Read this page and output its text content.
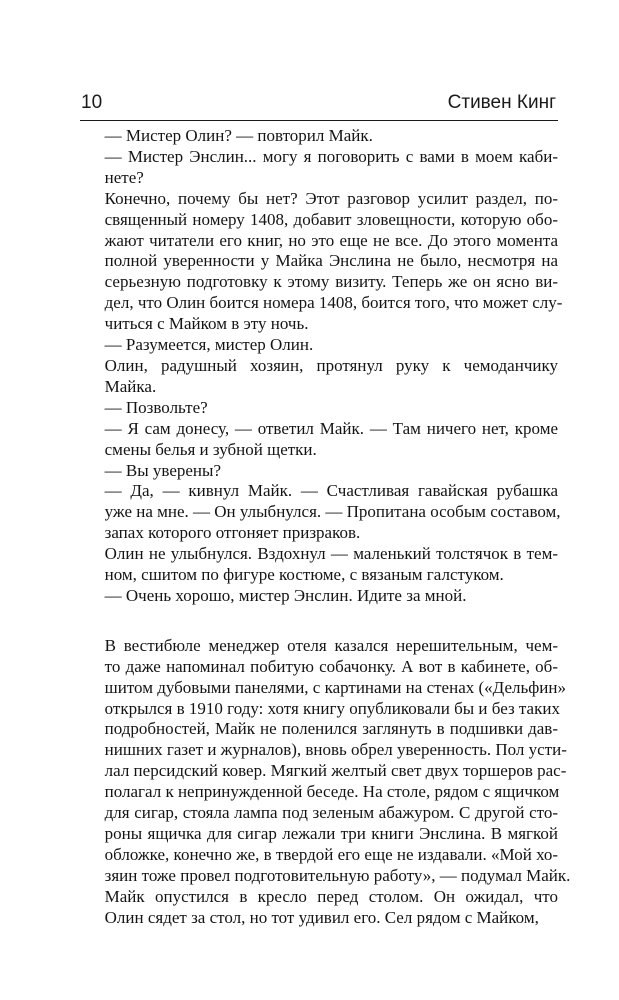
10	Стивен Кинг

— Мистер Олин? — повторил Майк.

— Мистер Энслин... могу я поговорить с вами в моем каби-
нете?

Конечно, почему бы нет? Этот разговор усилит раздел, по-
священный номеру 1408, добавит зловещности, которую обо-
жают читатели его книг, но это еще не все. До этого момента
полной уверенности у Майка Энслина не было, несмотря на
серьезную подготовку к этому визиту. Теперь же он ясно ви-
дел, что Олин боится номера 1408, боится того, что может слу-
читься с Майком в эту ночь.

— Разумеется, мистер Олин.

Олин, радушный хозяин, протянул руку к чемоданчику
Майка.

— Позвольте?

— Я сам донесу, — ответил Майк. — Там ничего нет, кроме
смены белья и зубной щетки.

— Вы уверены?

— Да, — кивнул Майк. — Счастливая гавайская рубашка
уже на мне. — Он улыбнулся. — Пропитана особым составом,
запах которого отгоняет призраков.

Олин не улыбнулся. Вздохнул — маленький толстячок в тем-
ном, сшитом по фигуре костюме, с вязаным галстуком.

— Очень хорошо, мистер Энслин. Идите за мной.

В вестибюле менеджер отеля казался нерешительным, чем-
то даже напоминал побитую собачонку. А вот в кабинете, об-
шитом дубовыми панелями, с картинами на стенах («Дельфин»
открылся в 1910 году: хотя книгу опубликовали бы и без таких
подробностей, Майк не поленился заглянуть в подшивки дав-
нишних газет и журналов), вновь обрел уверенность. Пол усти-
лал персидский ковер. Мягкий желтый свет двух торшеров рас-
полагал к непринужденной беседе. На столе, рядом с ящичком
для сигар, стояла лампа под зеленым абажуром. С другой сто-
роны ящичка для сигар лежали три книги Энслина. В мягкой
обложке, конечно же, в твердой его еще не издавали. «Мой хо-
зяин тоже провел подготовительную работу», — подумал Майк.

Майк опустился в кресло перед столом. Он ожидал, что
Олин сядет за стол, но тот удивил его. Сел рядом с Майком,
